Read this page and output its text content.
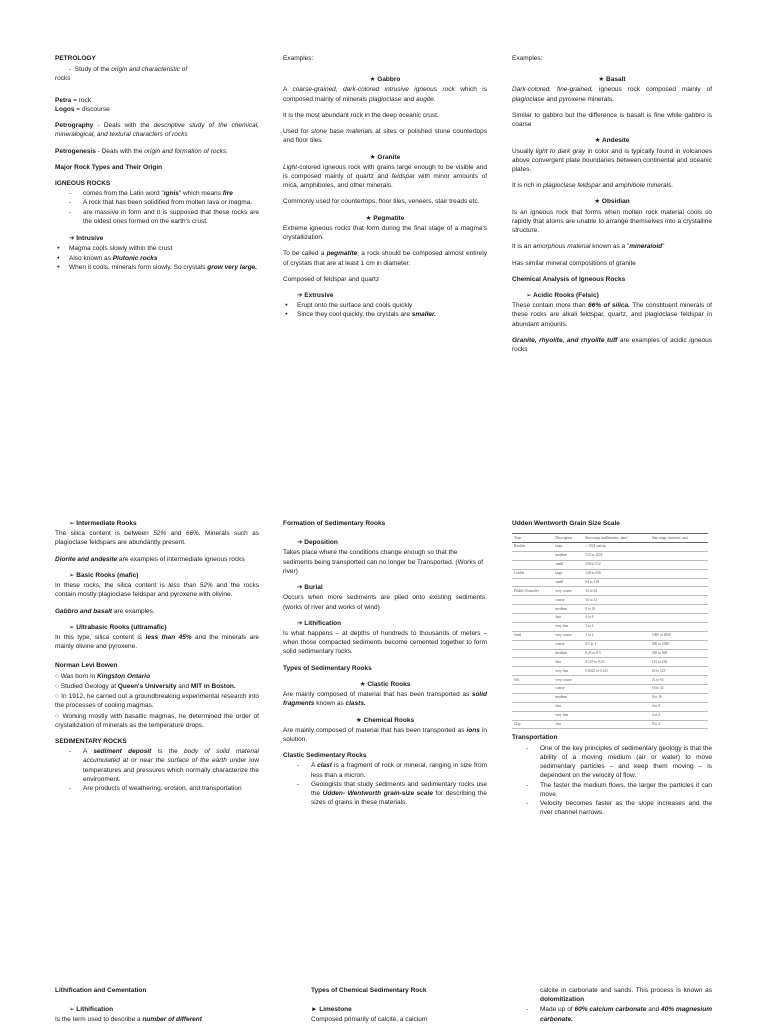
PETROLOGY

-  Study of the origin and characteristic of
rocks

Petra = rock
Logos = discourse

Petrography - Deals with the descriptive study of the chemical, mineralogical, and textural characters of rocks

Petrogenesis - Deals with the origin and formation of rocks.

Major Rock Types and Their Origin

IGNEOUS ROCKS

- comes from the Latin word "ignis" which means fire
- A rock that has been solidified from molten lava or magma.
- are massive in form and it is supposed that these rocks are the oldest ones formed on the earth's crust.

➔ Intrusive

● Magma cools slowly within the crust
● Also known as Plutonic rocks
● When it cools, minerals form slowly. So crystals grow very large.

Examples:

★ Gabbro

A coarse-grained, dark-colored intrusive igneous rock which is composed mainly of minerals plagioclase and augite.

It is the most abundant rock in the deep oceanic crust.

Used for stone base materials at sites or polished stone countertops and floor tiles

★ Granite

Light-colored igneous rock with grains large enough to be visible and is composed mainly of quartz and feldspar with minor amounts of mica, amphiboles, and other minerals.

Commonly used for countertops, floor tiles, veneers, stair treads etc.

★ Pegmatite

Extreme igneous rocks that form during the final stage of a magma's crystallization.

To be called a pegmatite, a rock should be composed almost entirely of crystals that are at least 1 cm in diameter.

Composed of feldspar and quartz

➔ Extrusive

● Erupt onto the surface and cools quickly
● Since they cool quickly, the crystals are smaller.

Examples:

★ Basalt

Dark-colored, fine-grained, igneous rock composed mainly of plagioclase and pyroxene minerals.

Similar to gabbro but the difference is basalt is fine while gabbro is coarse

★ Andesite

Usually light to dark gray in color and is typically found in volcanoes above convergent plate boundaries between continental and oceanic plates.

It is rich in plagioclase feldspar and amphibole minerals.

★ Obsidian

Is an igneous rock that forms when molten rock material cools so rapidly that atoms are unable to arrange themselves into a crystalline structure.

It is an amorphous material known as a "mineraloid"

Has similar mineral compositions of granite

Chemical Analysis of Igneous Rocks

➢ Acidic Rooks (Felsic)

These contain more than 66% of silica. The constituent minerals of these rocks are alkali feldspar, quartz, and plagioclase feldspar in abundant amounts.

Granite, rhyolite, and rhyolite tuff are examples of acidic igneous rocks

➢ Intermediate Rooks

The silica content is between 52% and 66%. Minerals such as plagioclase feldspars are abundantly present.

Diorite and andesite are examples of intermediate igneous rocks

➢ Basic Rooks (mafic)

In these rocks, the silica content is less than 52% and the rocks contain mostly plagioclase feldspar and pyroxene with olivine.

Gabbro and basalt are examples.

➢ Ultrabasic Rooks (ultramafic)

In this type, silica content is less than 45% and the minerals are mainly olivine and pyroxene.

Norman Levi Bowen

○ Was born in Kingston Ontario

○ Studied Geology at Queen's University and MIT in Boston.

○ In 1912, he carried out a groundbreaking experimental research into the processes of cooling magmas.

○ Working mostly with basaltic magmas, he determined the order of crystallization of minerals as the temperature drops.

SEDIMENTARY ROCKS

- A sediment deposit is the body of solid material accumulated at or near the surface of the earth under low temperatures and pressures which normally characterize the environment.
- Are products of weathering, erosion, and transportation

Formation of Sedimentary Rooks

➔ Deposition

Takes place where the conditions change enough so that the sediments being transported can no longer be Transported. (Works of river)

➔ Burial

Occurs when more sediments are piled onto existing sediments. (works of river and works of wind)

➔ Lithification

Is what happens – at depths of hundreds to thousands of meters – when those compacted sediments become cemented together to form solid sedimentary rocks.

Types of Sedimentary Rooks

★ Clastic Rooks

Are mainly composed of material that has been transported as solid fragments known as clasts.

★ Chemical Rooks

Are mainly composed of material that has been transported as ions in solution.

Clastic Sedimentary Rocks

- A clast is a fragment of rock or mineral, ranging in size from less than a micron.
- Geologists that study sediments and sedimentary rocks use the Udden- Wentworth grain-size scale for describing the sizes of grains in these materials.

Udden Wentworth Grain Size Scale

Type	Description	Size range (millimeters, mm)	Size range (microns, um)
Boulder	large	≥ 1024 and up	
	medium	512 to 1024	
	small	256 to 512	
Cobble	large	128 to 256	
	small	64 to 128	
Pebble (Granule)	very coarse	32 to 64	
	coarse	16 to 32	
	medium	8 to 16	
	fine	4 to 8	
	very fine	2 to 4	
Sand	very coarse	1 to 2	1000 to 2000
	coarse	0.5 to 1	500 to 1000
	medium	0.25 to 0.5	250 to 500
	fine	0.125 to 0.25	125 to 250
	very fine	0.0625 to 0.125	63 to 125
Silt	very coarse		31 to 63
	coarse		16 to 32
	medium		8 to 16
	fine		4 to 8
	very fine		2 to 4
Clay	clay		0 to 2

Transportation

- One of the key principles of sedimentary geology is that the ability of a moving medium (air or water) to move sedimentary particles – and keep them moving – is dependent on the velocity of flow.
- The faster the medium flows, the larger the particles it can move.
- Velocity becomes faster as the slope increases and the river channel narrows.

Lithification and Cementation

➢ Lithification

Is the term used to describe a number of different

Types of Chemical Sedimentary Rock

► Limestone

Composed primarily of calcite, a calcium

calcite in carbonate and sands. This process is known as dolomitization

- Made up of 60% calcium carbonate and 40% magnesium carbonate.
